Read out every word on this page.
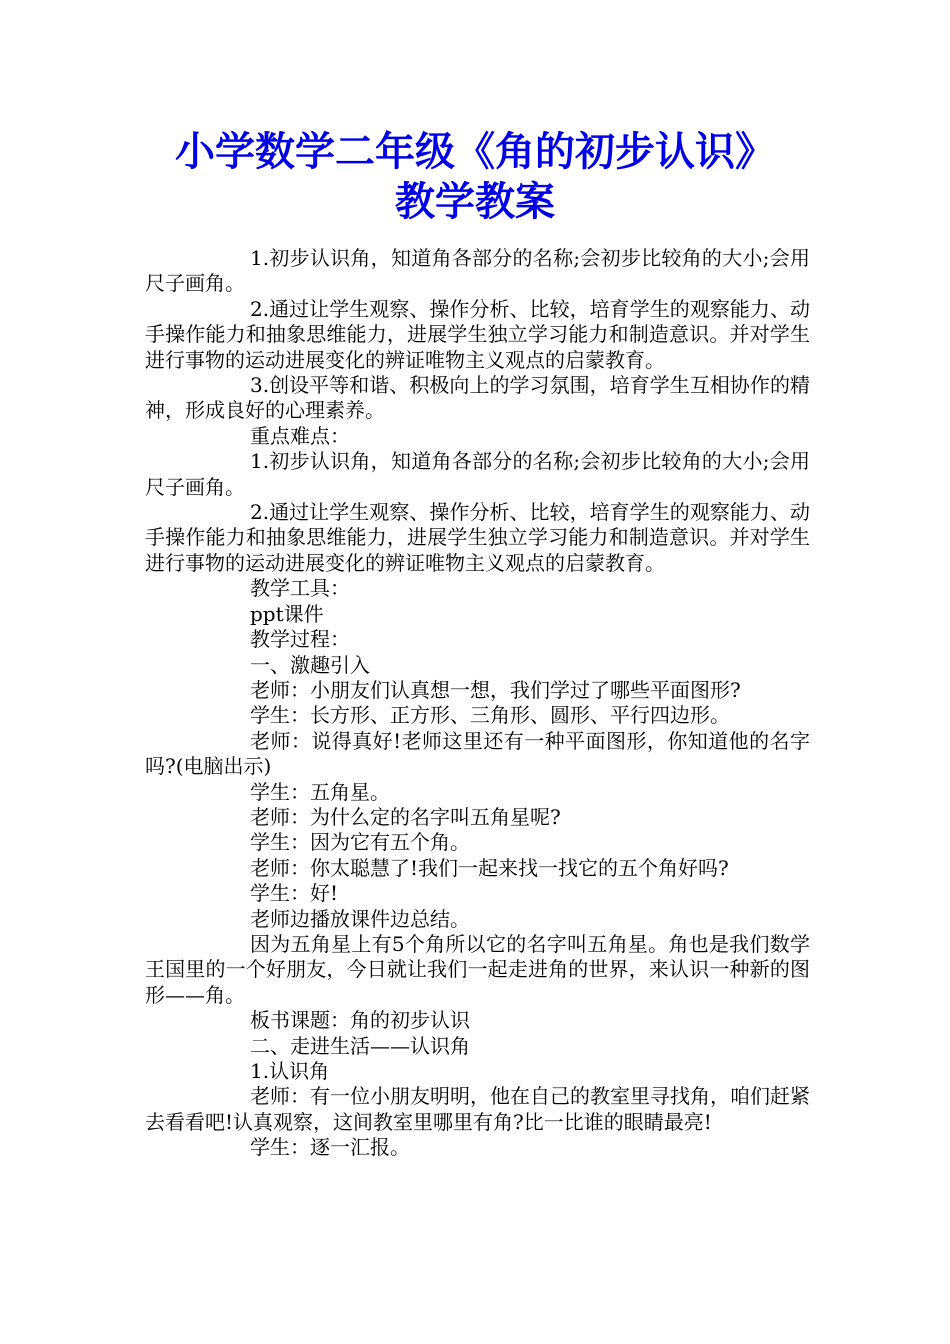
小学数学二年级《角的初步认识》
教学教案

1.初步认识角，知道角各部分的名称;会初步比较角的大小;会用尺子画角。

2.通过让学生观察、操作分析、比较，培育学生的观察能力、动手操作能力和抽象思维能力，进展学生独立学习能力和制造意识。并对学生进行事物的运动进展变化的辨证唯物主义观点的启蒙教育。

3.创设平等和谐、积极向上的学习氛围，培育学生互相协作的精神，形成良好的心理素养。

重点难点：

1.初步认识角，知道角各部分的名称;会初步比较角的大小;会用尺子画角。

2.通过让学生观察、操作分析、比较，培育学生的观察能力、动手操作能力和抽象思维能力，进展学生独立学习能力和制造意识。并对学生进行事物的运动进展变化的辨证唯物主义观点的启蒙教育。

教学工具：

ppt课件

教学过程：

一、激趣引入

老师：小朋友们认真想一想，我们学过了哪些平面图形?

学生：长方形、正方形、三角形、圆形、平行四边形。

老师：说得真好!老师这里还有一种平面图形，你知道他的名字吗?(电脑出示)

学生：五角星。

老师：为什么定的名字叫五角星呢?

学生：因为它有五个角。

老师：你太聪慧了!我们一起来找一找它的五个角好吗?

学生：好!

老师边播放课件边总结。

因为五角星上有5个角所以它的名字叫五角星。角也是我们数学王国里的一个好朋友，今日就让我们一起走进角的世界，来认识一种新的图形——角。

板书课题：角的初步认识

二、走进生活——认识角

1.认识角

老师：有一位小朋友明明，他在自己的教室里寻找角，咱们赶紧去看看吧!认真观察，这间教室里哪里有角?比一比谁的眼睛最亮!

学生：逐一汇报。
